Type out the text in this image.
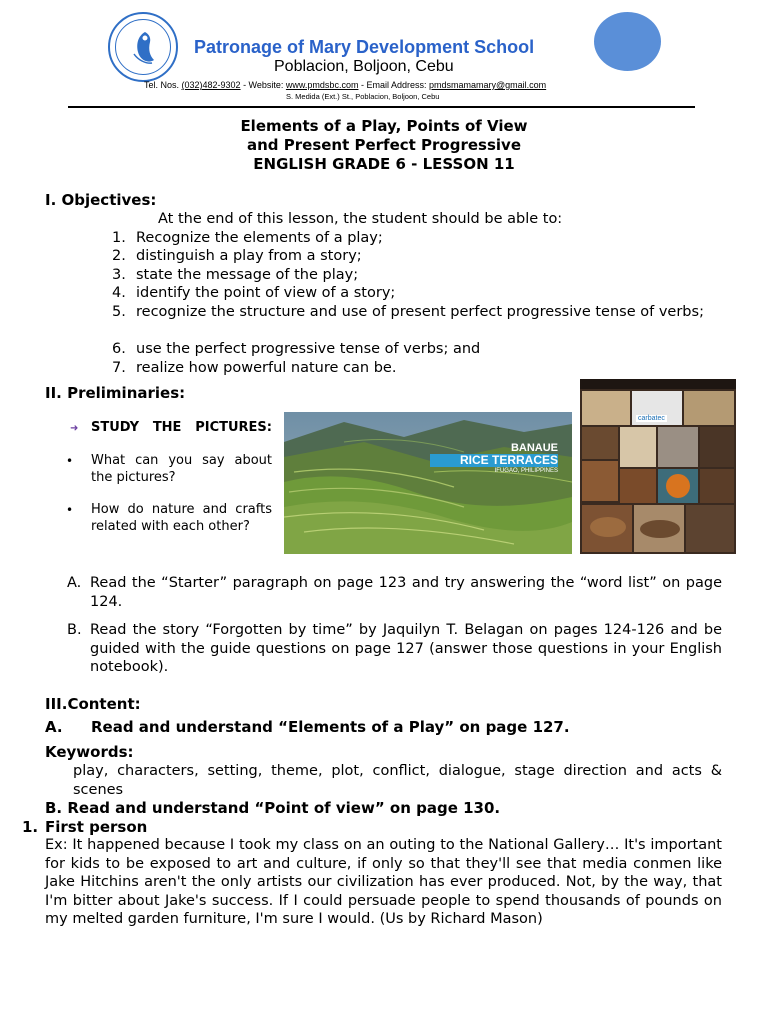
Patronage of Mary Development School
Poblacion, Boljoon, Cebu
Tel. Nos. (032)482-9302 - Website: www.pmdsbc.com - Email Address: pmdsmamamary@gmail.com
S. Medida (Ext.) St., Poblacion, Boljoon, Cebu
Elements of a Play, Points of View
and Present Perfect Progressive
ENGLISH GRADE 6 - LESSON 11
I. Objectives:
At the end of this lesson, the student should be able to:
1. Recognize the elements of a play;
2. distinguish a play from a story;
3. state the message of the play;
4. identify the point of view of a story;
5. recognize the structure and use of present perfect progressive tense of verbs;
6. use the perfect progressive tense of verbs; and
7. realize how powerful nature can be.
II. Preliminaries:
➜ STUDY THE PICTURES:
• What can you say about the pictures?
• How do nature and crafts related with each other?
BANAUE
RICE TERRACES
IFUGAO, PHILIPPINES
carbatec
A. Read the “Starter” paragraph on page 123 and try answering the “word list” on page 124.
B. Read the story “Forgotten by time” by Jaquilyn T. Belagan on pages 124-126 and be guided with the guide questions on page 127 (answer those questions in your English notebook).
III.Content:
A. Read and understand “Elements of a Play” on page 127.
Keywords:
play, characters, setting, theme, plot, conflict, dialogue, stage direction and acts & scenes
B. Read and understand “Point of view” on page 130.
1. First person
Ex: It happened because I took my class on an outing to the National Gallery… It's important for kids to be exposed to art and culture, if only so that they'll see that media conmen like Jake Hitchins aren't the only artists our civilization has ever produced. Not, by the way, that I'm bitter about Jake's success. If I could persuade people to spend thousands of pounds on my melted garden furniture, I'm sure I would. (Us by Richard Mason)
